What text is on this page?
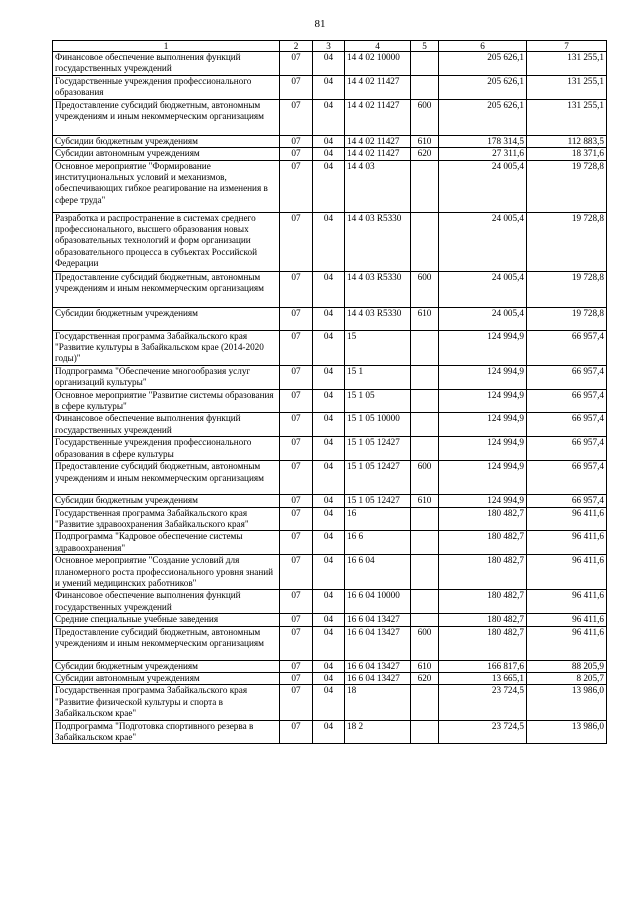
81
1	2	3	4	5	6	7
Финансовое обеспечение выполнения функций государственных учреждений	07	04	14 4 02 10000		205 626,1	131 255,1
Государственные учреждения профессионального образования	07	04	14 4 02 11427		205 626,1	131 255,1
Предоставление субсидий бюджетным, автономным учреждениям и иным некоммерческим организациям	07	04	14 4 02 11427	600	205 626,1	131 255,1
Субсидии бюджетным учреждениям	07	04	14 4 02 11427	610	178 314,5	112 883,5
Субсидии автономным учреждениям	07	04	14 4 02 11427	620	27 311,6	18 371,6
Основное мероприятие "Формирование институциональных условий и механизмов, обеспечивающих гибкое реагирование на изменения в сфере труда"	07	04	14 4 03		24 005,4	19 728,8
Разработка и распространение в системах среднего профессионального, высшего образования новых образовательных технологий и форм организации образовательного процесса в субъектах Российской Федерации	07	04	14 4 03 R5330		24 005,4	19 728,8
Предоставление субсидий бюджетным, автономным учреждениям и иным некоммерческим организациям	07	04	14 4 03 R5330	600	24 005,4	19 728,8
Субсидии бюджетным учреждениям	07	04	14 4 03 R5330	610	24 005,4	19 728,8
Государственная программа Забайкальского края "Развитие культуры в Забайкальском крае (2014-2020 годы)"	07	04	15		124 994,9	66 957,4
Подпрограмма "Обеспечение многообразия услуг организаций культуры"	07	04	15 1		124 994,9	66 957,4
Основное мероприятие "Развитие системы образования в сфере культуры"	07	04	15 1 05		124 994,9	66 957,4
Финансовое обеспечение выполнения функций государственных учреждений	07	04	15 1 05 10000		124 994,9	66 957,4
Государственные учреждения профессионального образования в сфере культуры	07	04	15 1 05 12427		124 994,9	66 957,4
Предоставление субсидий бюджетным, автономным учреждениям и иным некоммерческим организациям	07	04	15 1 05 12427	600	124 994,9	66 957,4
Субсидии бюджетным учреждениям	07	04	15 1 05 12427	610	124 994,9	66 957,4
Государственная программа Забайкальского края "Развитие здравоохранения Забайкальского края"	07	04	16		180 482,7	96 411,6
Подпрограмма "Кадровое обеспечение системы здравоохранения"	07	04	16 6		180 482,7	96 411,6
Основное мероприятие "Создание условий для планомерного роста профессионального уровня знаний и умений медицинских работников"	07	04	16 6 04		180 482,7	96 411,6
Финансовое обеспечение выполнения функций государственных учреждений	07	04	16 6 04 10000		180 482,7	96 411,6
Средние специальные учебные заведения	07	04	16 6 04 13427		180 482,7	96 411,6
Предоставление субсидий бюджетным, автономным учреждениям и иным некоммерческим организациям	07	04	16 6 04 13427	600	180 482,7	96 411,6
Субсидии бюджетным учреждениям	07	04	16 6 04 13427	610	166 817,6	88 205,9
Субсидии автономным учреждениям	07	04	16 6 04 13427	620	13 665,1	8 205,7
Государственная программа Забайкальского края "Развитие физической культуры и спорта в Забайкальском крае"	07	04	18		23 724,5	13 986,0
Подпрограмма "Подготовка спортивного резерва в Забайкальском крае"	07	04	18 2		23 724,5	13 986,0
